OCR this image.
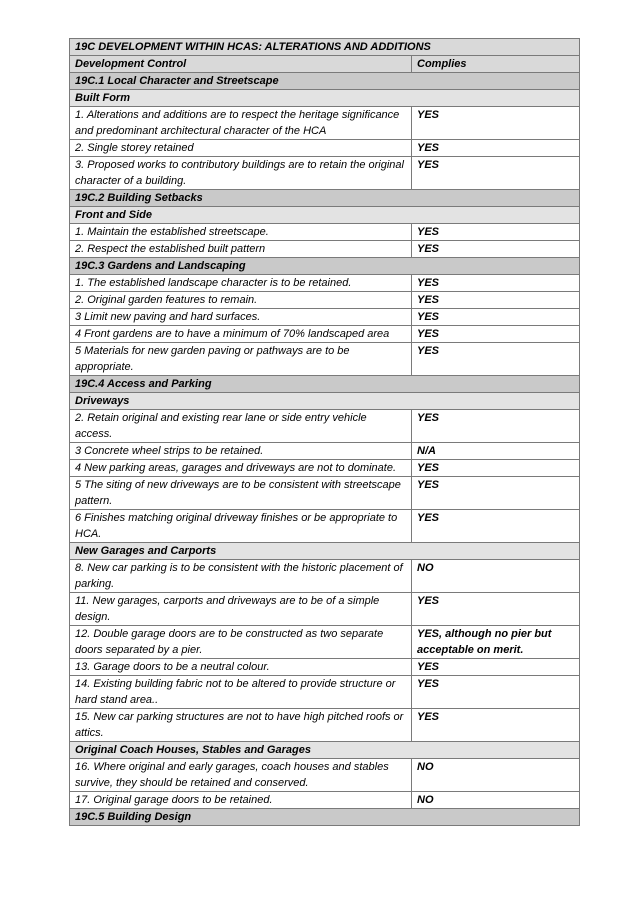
19C DEVELOPMENT WITHIN HCAS: ALTERATIONS AND ADDITIONS	
Development Control	Complies
19C.1 Local Character and Streetscape	
Built Form	
1. Alterations and additions are to respect the heritage significance and predominant architectural character of the HCA	YES
2. Single storey retained	YES
3. Proposed works to contributory buildings are to retain the original character of a building.	YES
19C.2 Building Setbacks	
Front and Side	
1. Maintain the established streetscape.	YES
2. Respect the established built pattern	YES
19C.3 Gardens and Landscaping	
1. The established landscape character is to be retained.	YES
2. Original garden features to remain.	YES
3 Limit new paving and hard surfaces.	YES
4 Front gardens are to have a minimum of 70% landscaped area	YES
5 Materials for new garden paving or pathways are to be appropriate.	YES
19C.4 Access and Parking	
Driveways	
2. Retain original and existing rear lane or side entry vehicle access.	YES
3 Concrete wheel strips to be retained.	N/A
4 New parking areas, garages and driveways are not to dominate.	YES
5 The siting of new driveways are to be consistent with streetscape pattern.	YES
6 Finishes matching original driveway finishes or be appropriate to HCA.	YES
New Garages and Carports	
8. New car parking is to be consistent with the historic placement of parking.	NO
11. New garages, carports and driveways are to be of a simple design.	YES
12. Double garage doors are to be constructed as two separate doors separated by a pier.	YES, although no pier but acceptable on merit.
13. Garage doors to be a neutral colour.	YES
14. Existing building fabric not to be altered to provide structure or hard stand area..	YES
15. New car parking structures are not to have high pitched roofs or attics.	YES
Original Coach Houses, Stables and Garages	
16. Where original and early garages, coach houses and stables survive, they should be retained and conserved.	NO
17. Original garage doors to be retained.	NO
19C.5 Building Design	
